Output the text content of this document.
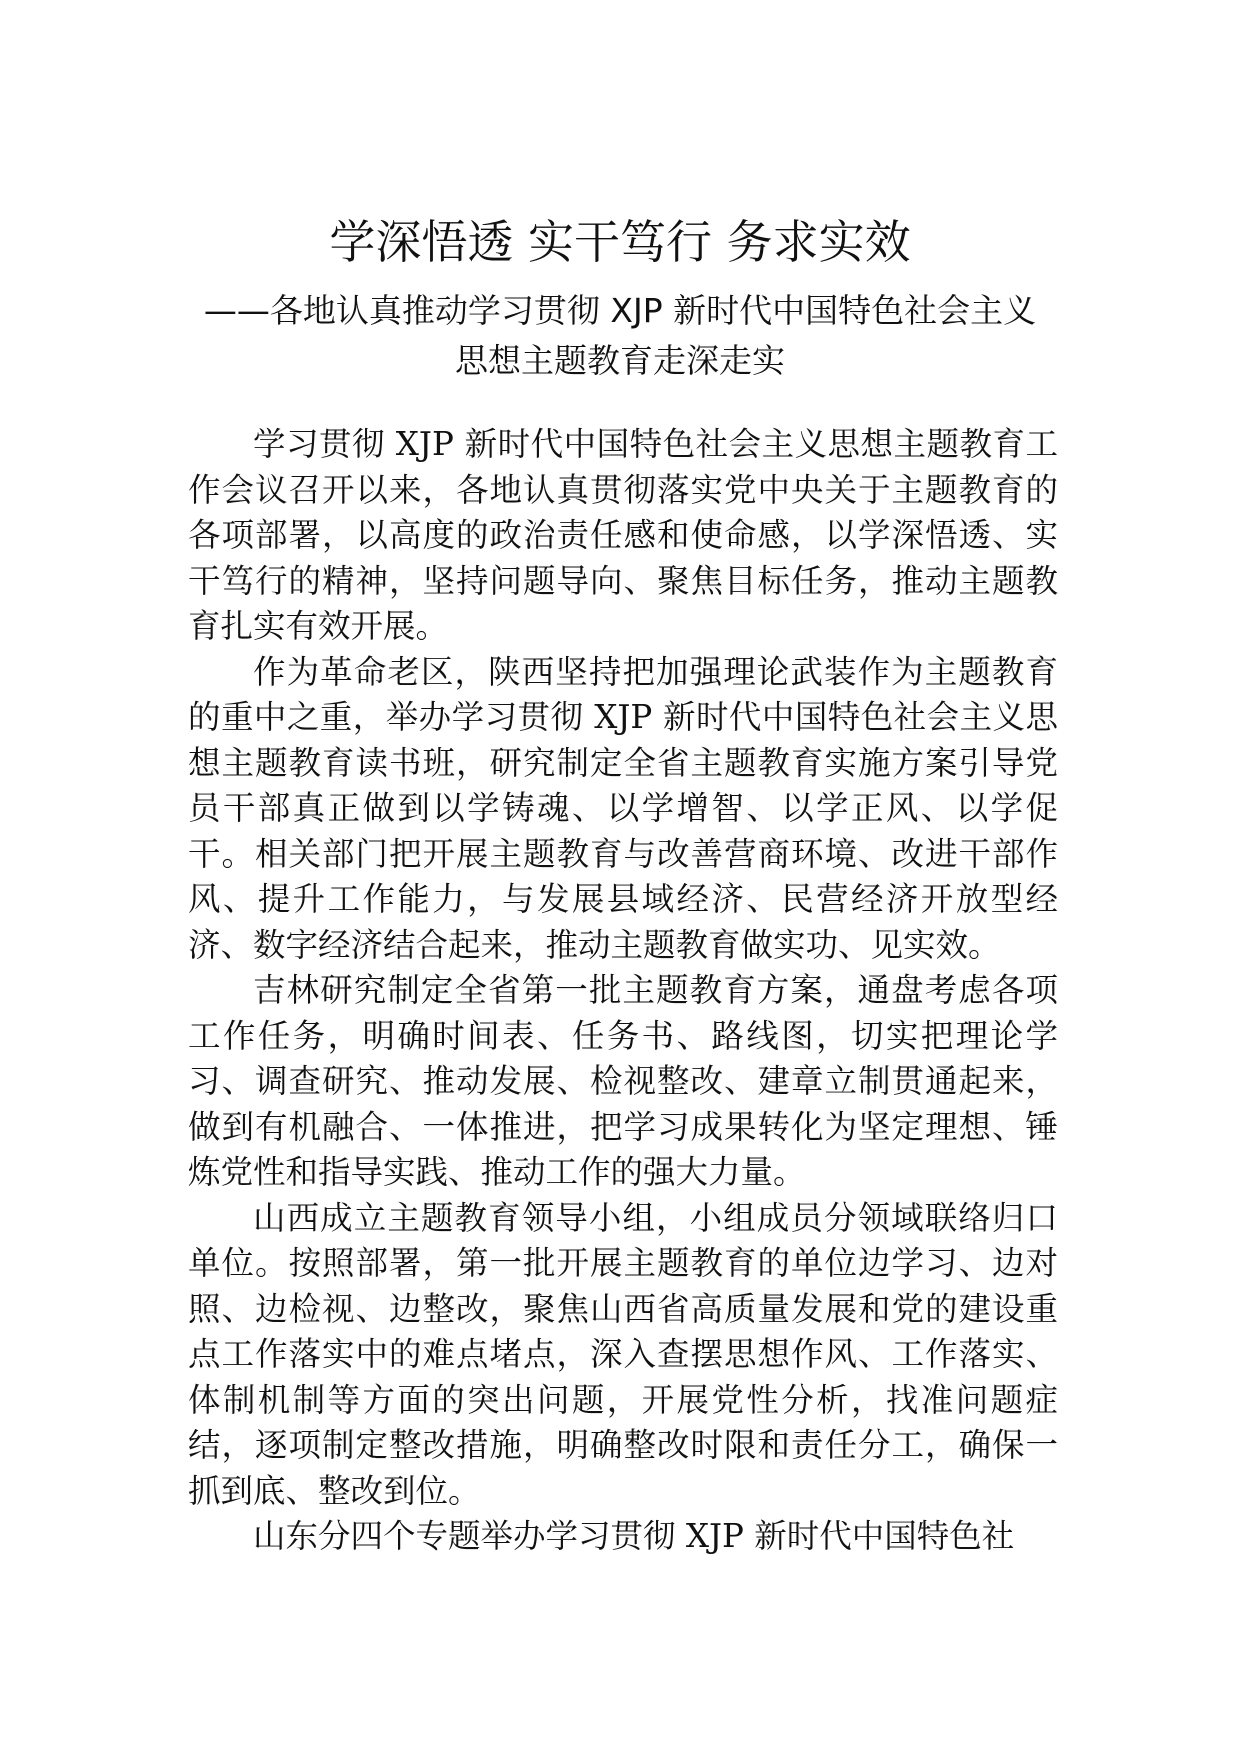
学深悟透 实干笃行 务求实效
——各地认真推动学习贯彻 XJP 新时代中国特色社会主义
思想主题教育走深走实

学习贯彻 XJP 新时代中国特色社会主义思想主题教育工作会议召开以来，各地认真贯彻落实党中央关于主题教育的各项部署，以高度的政治责任感和使命感，以学深悟透、实干笃行的精神，坚持问题导向、聚焦目标任务，推动主题教育扎实有效开展。

作为革命老区，陕西坚持把加强理论武装作为主题教育的重中之重，举办学习贯彻 XJP 新时代中国特色社会主义思想主题教育读书班，研究制定全省主题教育实施方案引导党员干部真正做到以学铸魂、以学增智、以学正风、以学促干。相关部门把开展主题教育与改善营商环境、改进干部作风、提升工作能力，与发展县域经济、民营经济开放型经济、数字经济结合起来，推动主题教育做实功、见实效。

吉林研究制定全省第一批主题教育方案，通盘考虑各项工作任务，明确时间表、任务书、路线图，切实把理论学习、调查研究、推动发展、检视整改、建章立制贯通起来，做到有机融合、一体推进，把学习成果转化为坚定理想、锤炼党性和指导实践、推动工作的强大力量。

山西成立主题教育领导小组，小组成员分领域联络归口单位。按照部署，第一批开展主题教育的单位边学习、边对照、边检视、边整改，聚焦山西省高质量发展和党的建设重点工作落实中的难点堵点，深入查摆思想作风、工作落实、体制机制等方面的突出问题，开展党性分析，找准问题症结，逐项制定整改措施，明确整改时限和责任分工，确保一抓到底、整改到位。

山东分四个专题举办学习贯彻 XJP 新时代中国特色社
